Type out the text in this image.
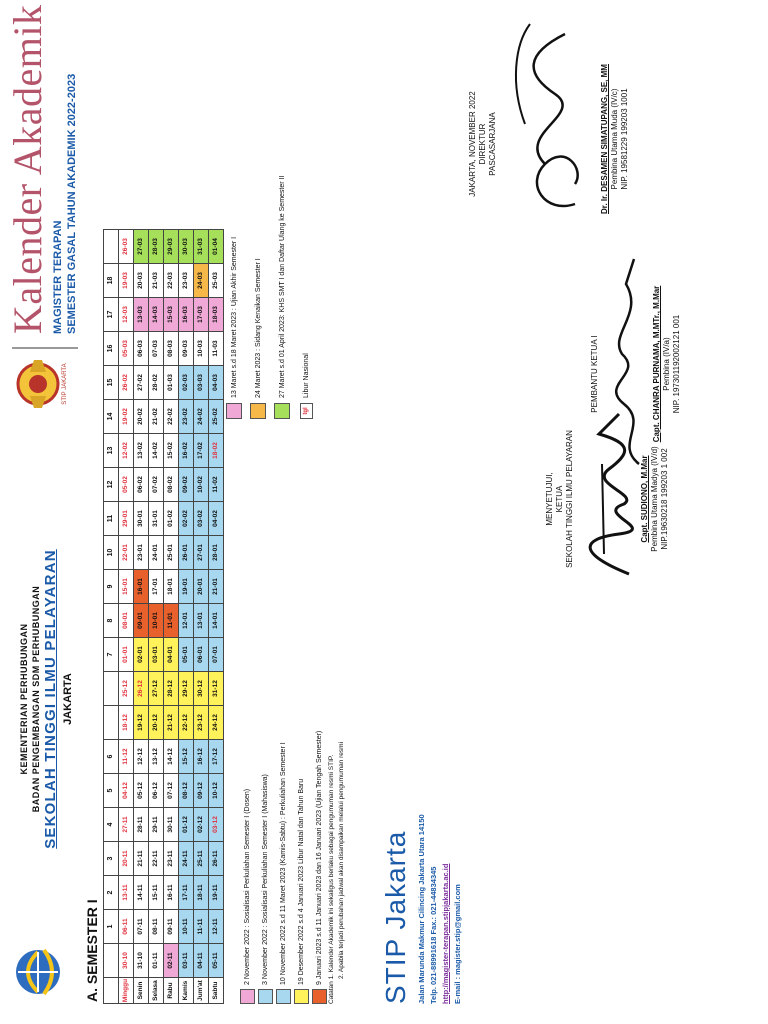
KEMENTERIAN PERHUBUNGAN BADAN PENGEMBANGAN SDM PERHUBUNGAN SEKOLAH TINGGI ILMU PELAYARAN JAKARTA
STIP JAKARTA
Kalender Akademik MAGISTER TERAPAN SEMESTER GASAL TAHUN AKADEMIK 2022-2023
A. SEMESTER I
		1	2	3	4	5	6			7	8	9	10	11	12	13	14	15	16	17	18	
Minggu	30-10	06-11	13-11	20-11	27-11	04-12	11-12	18-12	25-12	01-01	08-01	15-01	22-01	29-01	05-02	12-02	19-02	26-02	05-03	12-03	19-03	26-03
Senin	31-10	07-11	14-11	21-11	28-11	05-12	12-12	19-12	26-12	02-01	09-01	16-01	23-01	30-01	06-02	13-02	20-02	27-02	06-03	13-03	20-03	27-03
Selasa	01-11	08-11	15-11	22-11	29-11	06-12	13-12	20-12	27-12	03-01	10-01	17-01	24-01	31-01	07-02	14-02	21-02	28-02	07-03	14-03	21-03	28-03
Rabu	02-11	09-11	16-11	23-11	30-11	07-12	14-12	21-12	28-12	04-01	11-01	18-01	25-01	01-02	08-02	15-02	22-02	01-03	08-03	15-03	22-03	29-03
Kamis	03-11	10-11	17-11	24-11	01-12	08-12	15-12	22-12	29-12	05-01	12-01	19-01	26-01	02-02	09-02	16-02	23-02	02-03	09-03	16-03	23-03	30-03
Jum'at	04-11	11-11	18-11	25-11	02-12	09-12	16-12	23-12	30-12	06-01	13-01	20-01	27-01	03-02	10-02	17-02	24-02	03-03	10-03	17-03	24-03	31-03
Sabtu	05-11	12-11	19-11	26-11	03-12	10-12	17-12	24-12	31-12	07-01	14-01	21-01	28-01	04-02	11-02	18-02	25-02	04-03	11-03	18-03	25-03	01-04
2 November 2022 : Sosialisasi Perkuliahan Semester I (Dosen) 3 November 2022 : Sosialisasi Perkuliahan Semester I (Mahasiswa) 10 November 2022 s.d 11 Maret 2023 (Kamis-Sabtu) : Perkuliahan Semester I 19 Desember 2022 s.d 4 Januari 2023 Libur Natal dan Tahun Baru 9 Januari 2023 s.d 11 Januari 2023 dan 16 Januari 2023 (Ujian Tengah Semester)
13 Maret s.d 18 Maret 2023 : Ujian Akhir Semester I 24 Maret 2023 : Sidang Kenaikan Semester I 27 Maret s.d 01 April 2023: KHS SMT I dan Daftar Ulang ke Semester II
tgl
Libur Nasional
Catatan 1. Kalender Akademik ini sekaligus berlaku sebagai pengumuman resmi STIP. 2. Apabila terjadi perubahan jadwal akan disampaikan melalui pengumuman resmi STIP Jakarta Jalan Marunda Makmur Cilincing Jakarta Utara 14150 Telp. 021-88991618 Fax.: 021-44834345 http://magister-terapan.stipjakarta.ac.id E-mail : magister.stip@gmail.com
MENYETUJUI, KETUA SEKOLAH TINGGI ILMU PELAYARAN	Capt. SUDIONO, M.Mar Pembina Utama Madya (IV/d) NIP.19630218 199203 1 002
PEMBANTU KETUA I	Capt. CHANRA PURNAMA, M.MTr., M.Mar Pembina (IV/a) NIP. 197301192002121 001
JAKARTA, NOVEMBER 2022 DIREKTUR PASCASARJANA	Dr. Ir. DESAMEN SIMATUPANG, SE, MM Pembina Utama Muda (IV/c) NIP. 19581229 199203 1001
